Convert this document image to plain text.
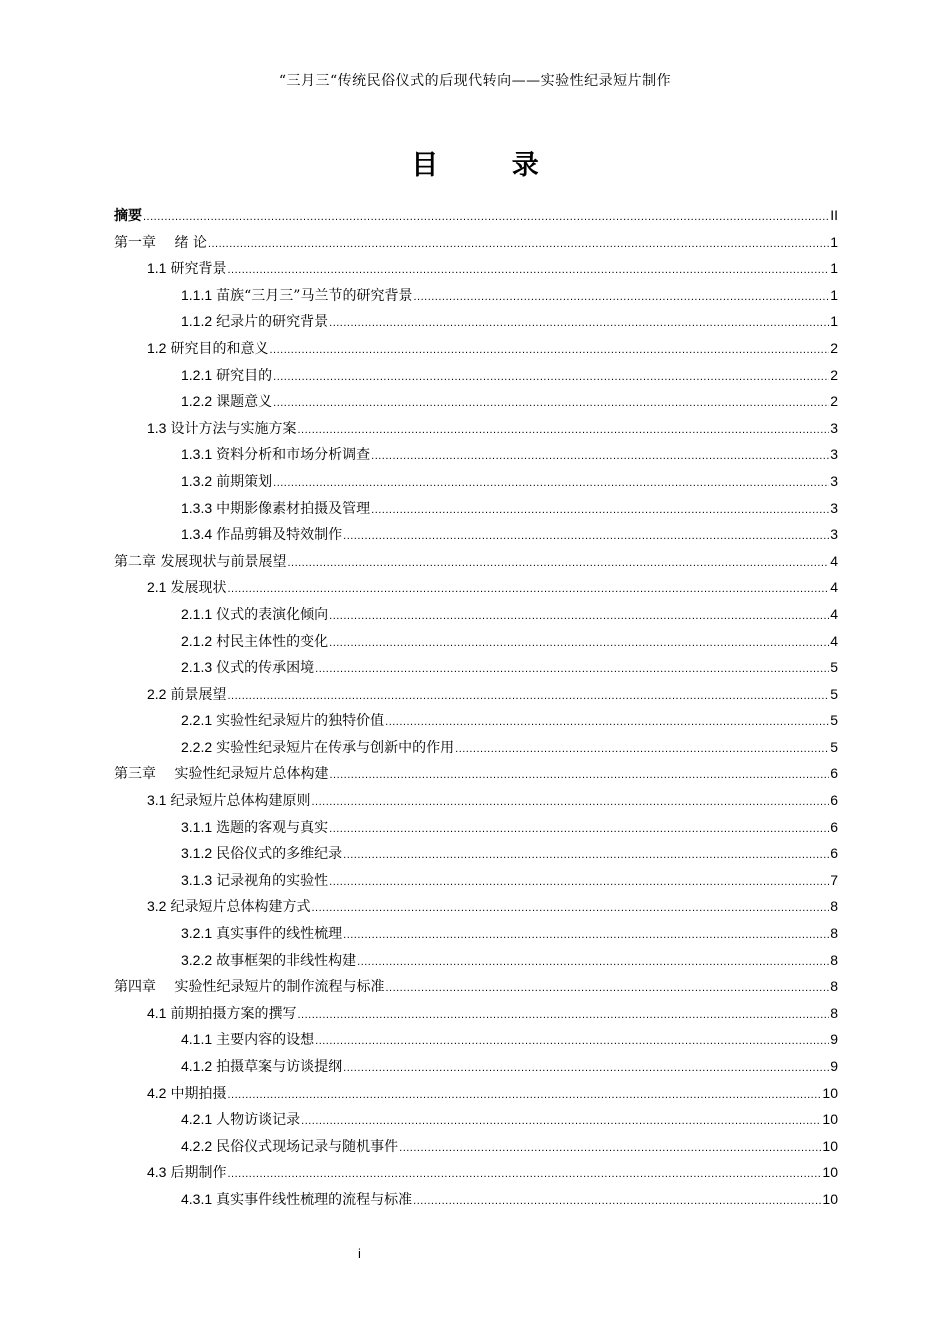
“三月三“传统民俗仪式的后现代转向——实验性纪录短片制作
目 录
摘要 .....	II
第一章　 绪 论 .....	1
1.1 研究背景 .....	1
1.1.1 苗族“三月三”马兰节的研究背景 .....	1
1.1.2 纪录片的研究背景 .....	1
1.2 研究目的和意义 .....	2
1.2.1 研究目的 .....	2
1.2.2 课题意义 .....	2
1.3 设计方法与实施方案 .....	3
1.3.1 资料分析和市场分析调查 .....	3
1.3.2 前期策划 .....	3
1.3.3 中期影像素材拍摄及管理 .....	3
1.3.4 作品剪辑及特效制作 .....	3
第二章 发展现状与前景展望 .....	4
2.1 发展现状 .....	4
2.1.1 仪式的表演化倾向 .....	4
2.1.2 村民主体性的变化 .....	4
2.1.3 仪式的传承困境 .....	5
2.2 前景展望 .....	5
2.2.1 实验性纪录短片的独特价值 .....	5
2.2.2 实验性纪录短片在传承与创新中的作用 .....	5
第三章　 实验性纪录短片总体构建 .....	6
3.1 纪录短片总体构建原则 .....	6
3.1.1 选题的客观与真实 .....	6
3.1.2 民俗仪式的多维纪录 .....	6
3.1.3 记录视角的实验性 .....	7
3.2 纪录短片总体构建方式 .....	8
3.2.1 真实事件的线性梳理 .....	8
3.2.2 故事框架的非线性构建 .....	8
第四章　 实验性纪录短片的制作流程与标准 .....	8
4.1 前期拍摄方案的撰写 .....	8
4.1.1 主要内容的设想 .....	9
4.1.2 拍摄草案与访谈提纲 .....	9
4.2 中期拍摄 .....	10
4.2.1 人物访谈记录 .....	10
4.2.2 民俗仪式现场记录与随机事件 .....	10
4.3 后期制作 .....	10
4.3.1 真实事件线性梳理的流程与标准 .....	10
i
